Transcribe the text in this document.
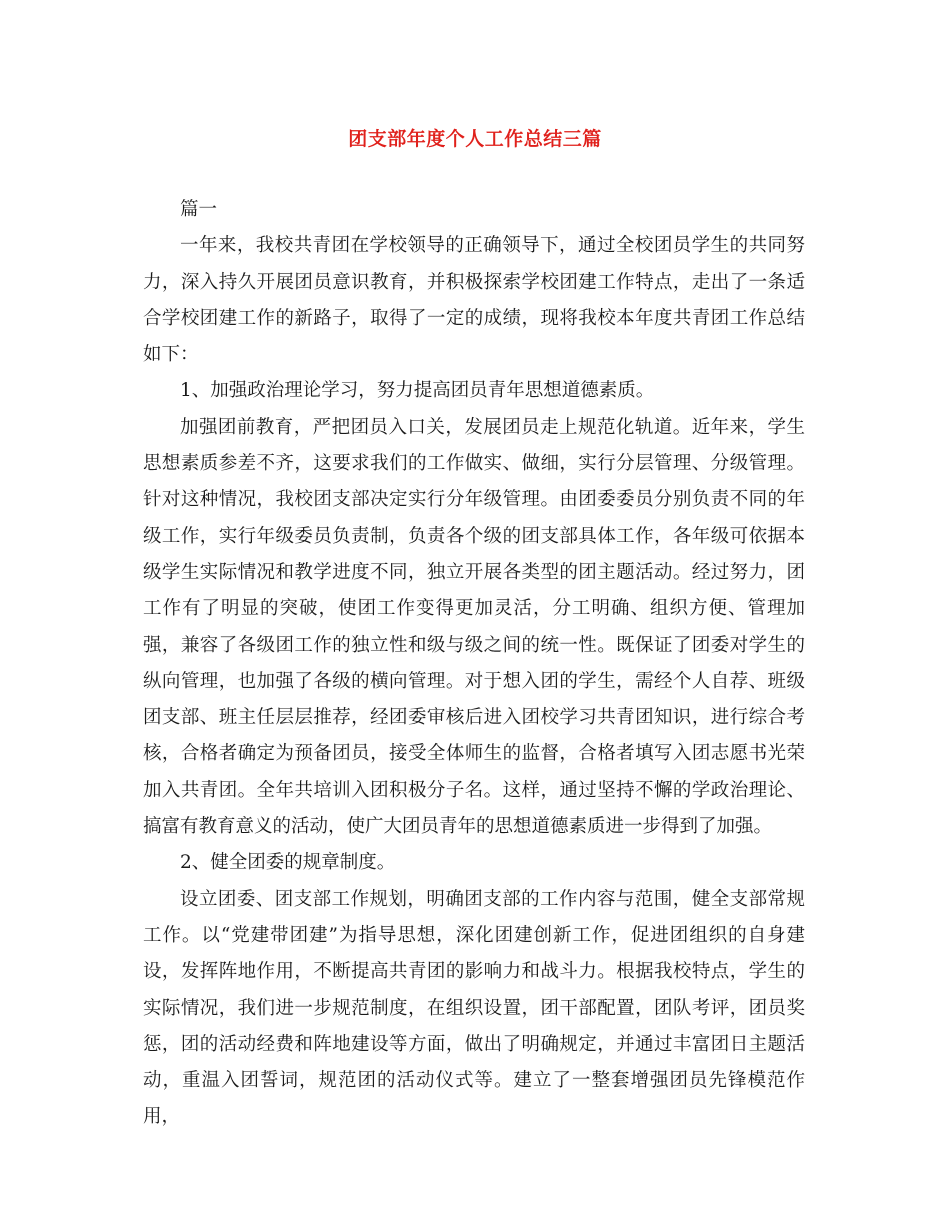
团支部年度个人工作总结三篇

篇一

一年来，我校共青团在学校领导的正确领导下，通过全校团员学生的共同努力，深入持久开展团员意识教育，并积极探索学校团建工作特点，走出了一条适合学校团建工作的新路子，取得了一定的成绩，现将我校本年度共青团工作总结如下：

1、加强政治理论学习，努力提高团员青年思想道德素质。

加强团前教育，严把团员入口关，发展团员走上规范化轨道。近年来，学生思想素质参差不齐，这要求我们的工作做实、做细，实行分层管理、分级管理。针对这种情况，我校团支部决定实行分年级管理。由团委委员分别负责不同的年级工作，实行年级委员负责制，负责各个级的团支部具体工作，各年级可依据本级学生实际情况和教学进度不同，独立开展各类型的团主题活动。经过努力，团工作有了明显的突破，使团工作变得更加灵活，分工明确、组织方便、管理加强，兼容了各级团工作的独立性和级与级之间的统一性。既保证了团委对学生的纵向管理，也加强了各级的横向管理。对于想入团的学生，需经个人自荐、班级团支部、班主任层层推荐，经团委审核后进入团校学习共青团知识，进行综合考核，合格者确定为预备团员，接受全体师生的监督，合格者填写入团志愿书光荣加入共青团。全年共培训入团积极分子名。这样，通过坚持不懈的学政治理论、搞富有教育意义的活动，使广大团员青年的思想道德素质进一步得到了加强。

2、健全团委的规章制度。

设立团委、团支部工作规划，明确团支部的工作内容与范围，健全支部常规工作。以“党建带团建”为指导思想，深化团建创新工作，促进团组织的自身建设，发挥阵地作用，不断提高共青团的影响力和战斗力。根据我校特点，学生的实际情况，我们进一步规范制度，在组织设置，团干部配置，团队考评，团员奖惩，团的活动经费和阵地建设等方面，做出了明确规定，并通过丰富团日主题活动，重温入团誓词，规范团的活动仪式等。建立了一整套增强团员先锋模范作用，
